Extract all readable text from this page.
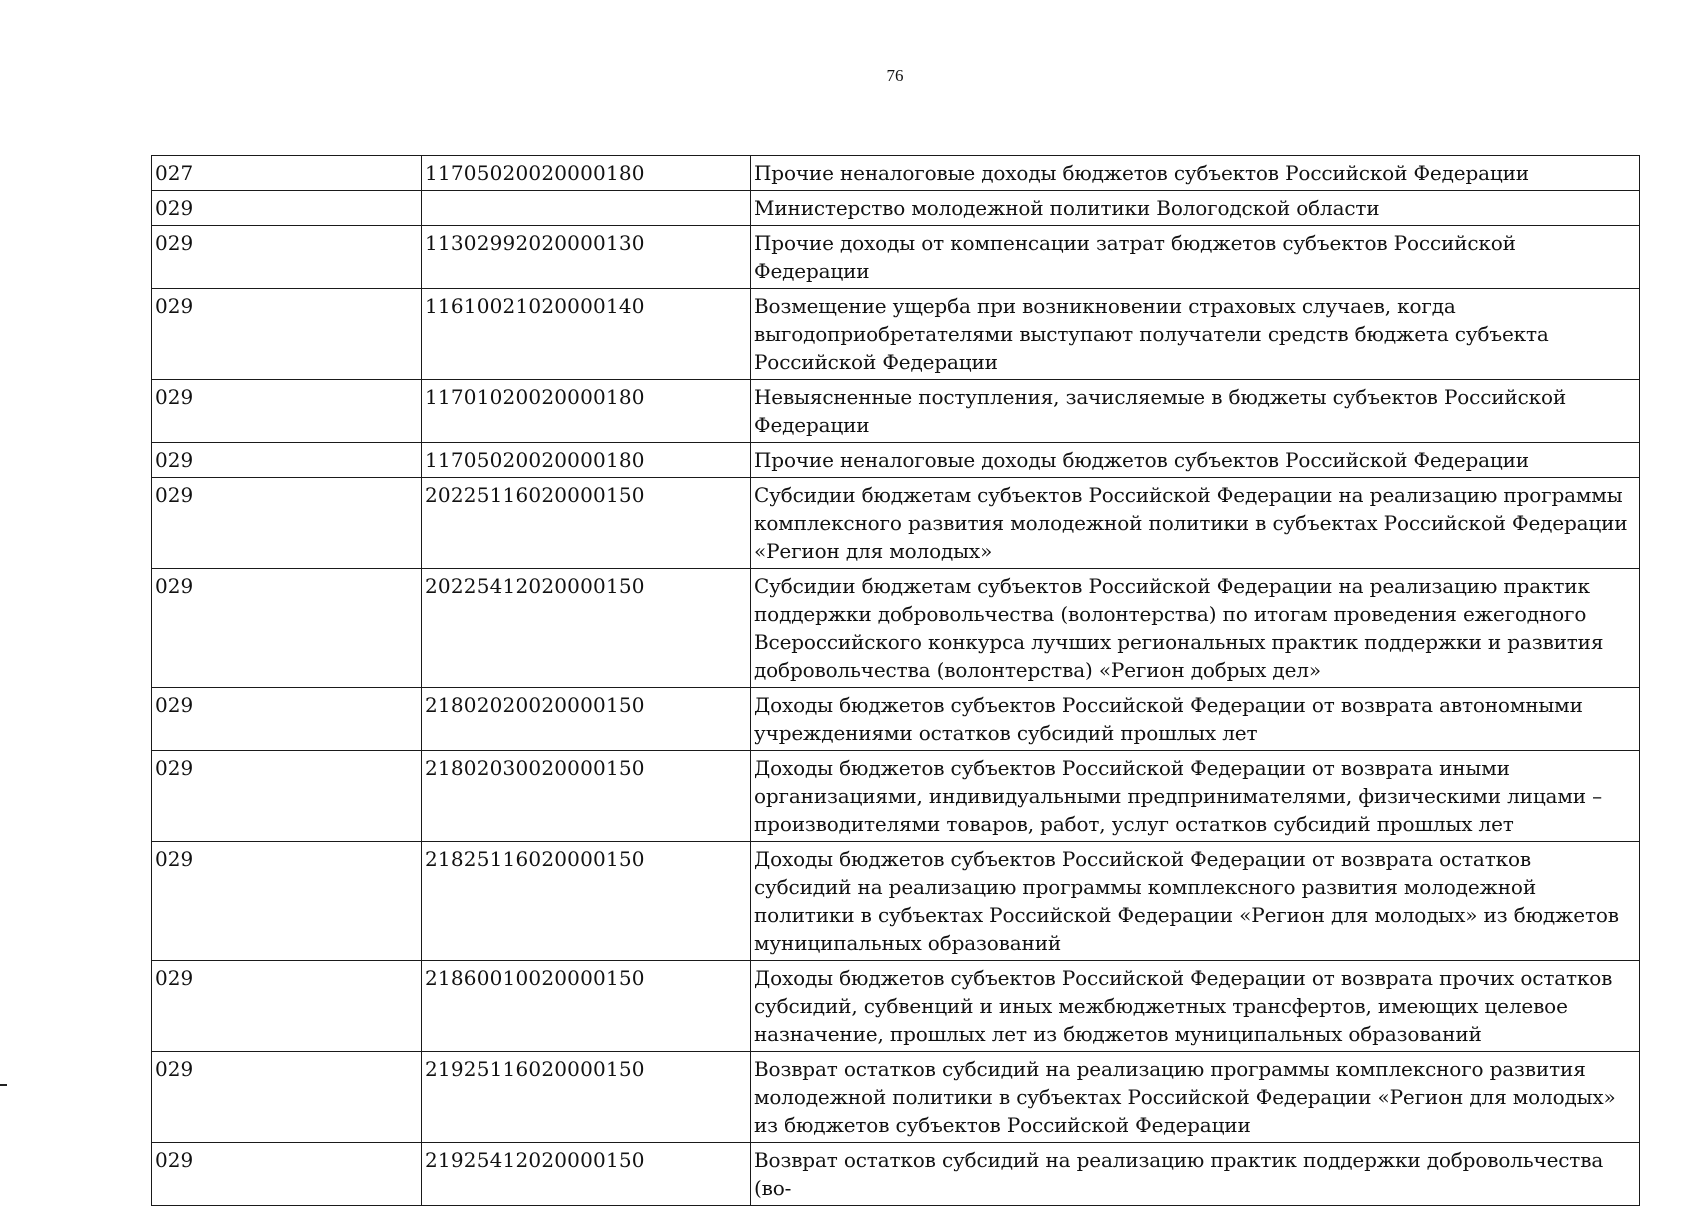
76
027	11705020020000180	Прочие неналоговые доходы бюджетов субъектов Российской Федерации
029		Министерство молодежной политики Вологодской области
029	11302992020000130	Прочие доходы от компенсации затрат бюджетов субъектов Российской Федерации
029	11610021020000140	Возмещение ущерба при возникновении страховых случаев, когда выгодоприобретателями выступают получатели средств бюджета субъекта Российской Федерации
029	11701020020000180	Невыясненные поступления, зачисляемые в бюджеты субъектов Российской Федерации
029	11705020020000180	Прочие неналоговые доходы бюджетов субъектов Российской Федерации
029	20225116020000150	Субсидии бюджетам субъектов Российской Федерации на реализацию программы комплексного развития молодежной политики в субъектах Российской Федерации «Регион для молодых»
029	20225412020000150	Субсидии бюджетам субъектов Российской Федерации на реализацию практик поддержки добровольчества (волонтерства) по итогам проведения ежегодного Всероссийского конкурса лучших региональных практик поддержки и развития добровольчества (волонтерства) «Регион добрых дел»
029	21802020020000150	Доходы бюджетов субъектов Российской Федерации от возврата автономными учреждениями остатков субсидий прошлых лет
029	21802030020000150	Доходы бюджетов субъектов Российской Федерации от возврата иными организациями, индивидуальными предпринимателями, физическими лицами – производителями товаров, работ, услуг остатков субсидий прошлых лет
029	21825116020000150	Доходы бюджетов субъектов Российской Федерации от возврата остатков субсидий на реализацию программы комплексного развития молодежной политики в субъектах Российской Федерации «Регион для молодых» из бюджетов муниципальных образований
029	21860010020000150	Доходы бюджетов субъектов Российской Федерации от возврата прочих остатков субсидий, субвенций и иных межбюджетных трансфертов, имеющих целевое назначение, прошлых лет из бюджетов муниципальных образований
029	21925116020000150	Возврат остатков субсидий на реализацию программы комплексного развития молодежной политики в субъектах Российской Федерации «Регион для молодых» из бюджетов субъектов Российской Федерации
029	21925412020000150	Возврат остатков субсидий на реализацию практик поддержки добровольчества (во-
